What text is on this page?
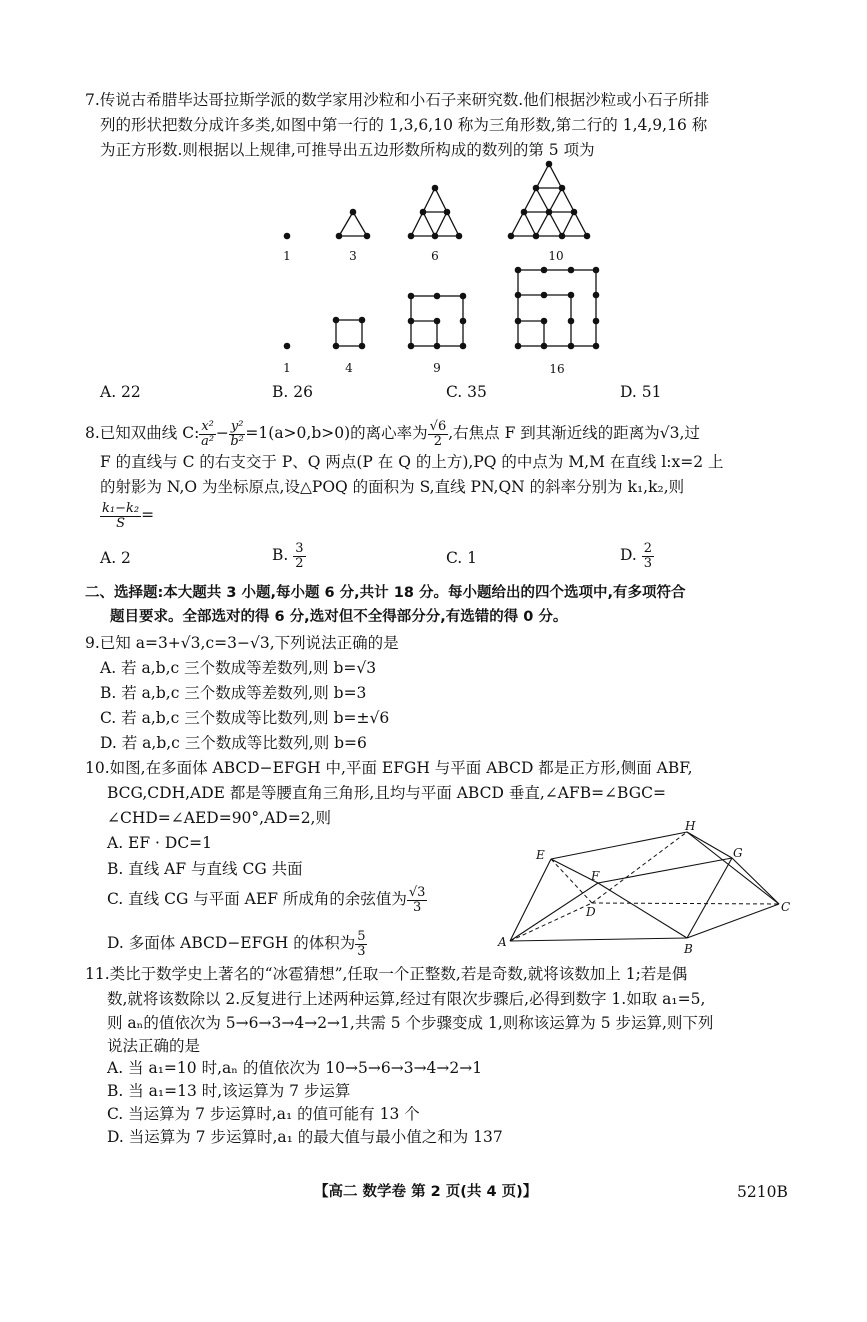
7.传说古希腊毕达哥拉斯学派的数学家用沙粒和小石子来研究数.他们根据沙粒或小石子所排
列的形状把数分成许多类,如图中第一行的 1,3,6,10 称为三角形数,第二行的 1,4,9,16 称
为正方形数.则根据以上规律,可推导出五边形数所构成的数列的第 5 项为
1	3	6	10
1	4	9	16
A. 22	B. 26	C. 35	D. 51
8.已知双曲线 C: $\frac{\text{x²}}{\text{a²}} - \frac{\text{y²}}{\text{b²}} =1(a>0,b>0)$的离心率为 $\frac{√6}{2}$ ,右焦点 F 到其渐近线的距离为√3,过
F 的直线与 C 的右支交于 P、Q 两点(P 在 Q 的上方),PQ 的中点为 M,M 在直线 l:x=2 上
的射影为 N,O 为坐标原点,设△POQ 的面积为 S,直线 PN,QN 的斜率分别为 k₁,k₂,则
$\frac{\text{k₁−k₂}}{S}$ =
A. 2	B. $\frac{3}{2}$	C. 1	D. $\frac{2}{3}$
二、选择题:本大题共 3 小题,每小题 6 分,共计 18 分。每小题给出的四个选项中,有多项符合
题目要求。全部选对的得 6 分,选对但不全得部分分,有选错的得 0 分。
9.已知 a=3+√3,c=3−√3,下列说法正确的是
A. 若 a,b,c 三个数成等差数列,则 b=√3
B. 若 a,b,c 三个数成等差数列,则 b=3
C. 若 a,b,c 三个数成等比数列,则 b=±√6
D. 若 a,b,c 三个数成等比数列,则 b=6
10.如图,在多面体 ABCD−EFGH 中,平面 EFGH 与平面 ABCD 都是正方形,侧面 ABF,
BCG,CDH,ADE 都是等腰直角三角形,且均与平面 ABCD 垂直,∠AFB=∠BGC=
∠CHD=∠AED=90°,AD=2,则
A. EF · DC=1
B. 直线 AF 与直线 CG 共面
C. 直线 CG 与平面 AEF 所成角的余弦值为 $\frac{√3}{3}$
D. 多面体 ABCD−EFGH 的体积为 $\frac{5}{3}$
H
E	G
F
D	C
A	B
11.类比于数学史上著名的“冰雹猜想”,任取一个正整数,若是奇数,就将该数加上 1;若是偶
数,就将该数除以 2.反复进行上述两种运算,经过有限次步骤后,必得到数字 1.如取 a₁=5,
则 aₙ的值依次为 5→6→3→4→2→1,共需 5 个步骤变成 1,则称该运算为 5 步运算,则下列
说法正确的是
A. 当 a₁=10 时,aₙ 的值依次为 10→5→6→3→4→2→1
B. 当 a₁=13 时,该运算为 7 步运算
C. 当运算为 7 步运算时,a₁ 的值可能有 13 个
D. 当运算为 7 步运算时,a₁ 的最大值与最小值之和为 137
【高二 数学卷 第 2 页(共 4 页)】	5210B
